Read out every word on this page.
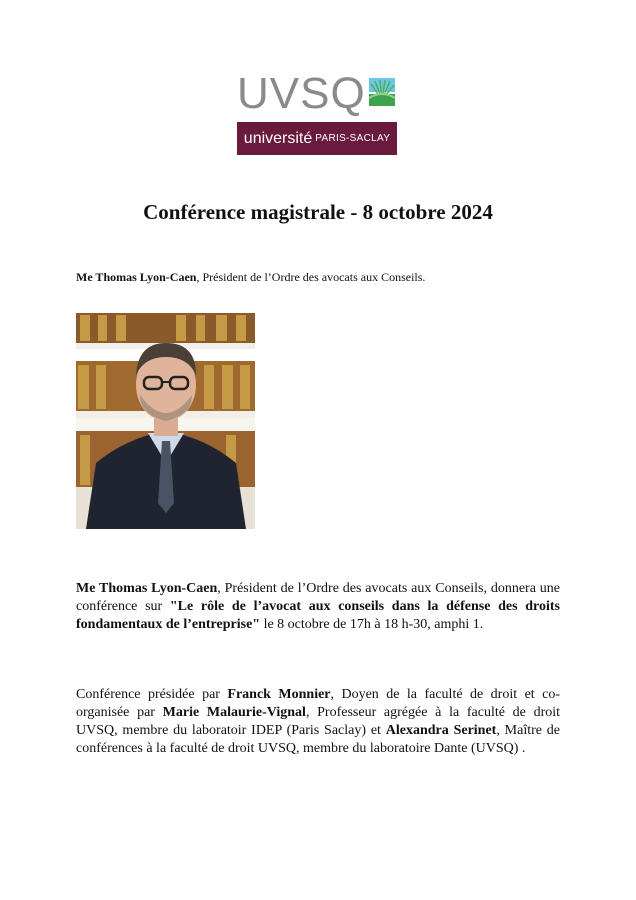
UVSQ
université PARIS-SACLAY
Conférence magistrale - 8 octobre 2024
Me Thomas Lyon-Caen, Président de l’Ordre des avocats aux Conseils.
Me Thomas Lyon-Caen, Président de l’Ordre des avocats aux Conseils, donnera une conférence sur "Le rôle de l’avocat aux conseils dans la défense des droits fondamentaux de l’entreprise" le 8 octobre de 17h à 18 h-30, amphi 1.
Conférence présidée par Franck Monnier, Doyen de la faculté de droit et co-organisée par Marie Malaurie-Vignal, Professeur agrégée à la faculté de droit UVSQ, membre du laboratoir IDEP (Paris Saclay) et Alexandra Serinet, Maître de conférences à la faculté de droit UVSQ, membre du laboratoire Dante (UVSQ) .
